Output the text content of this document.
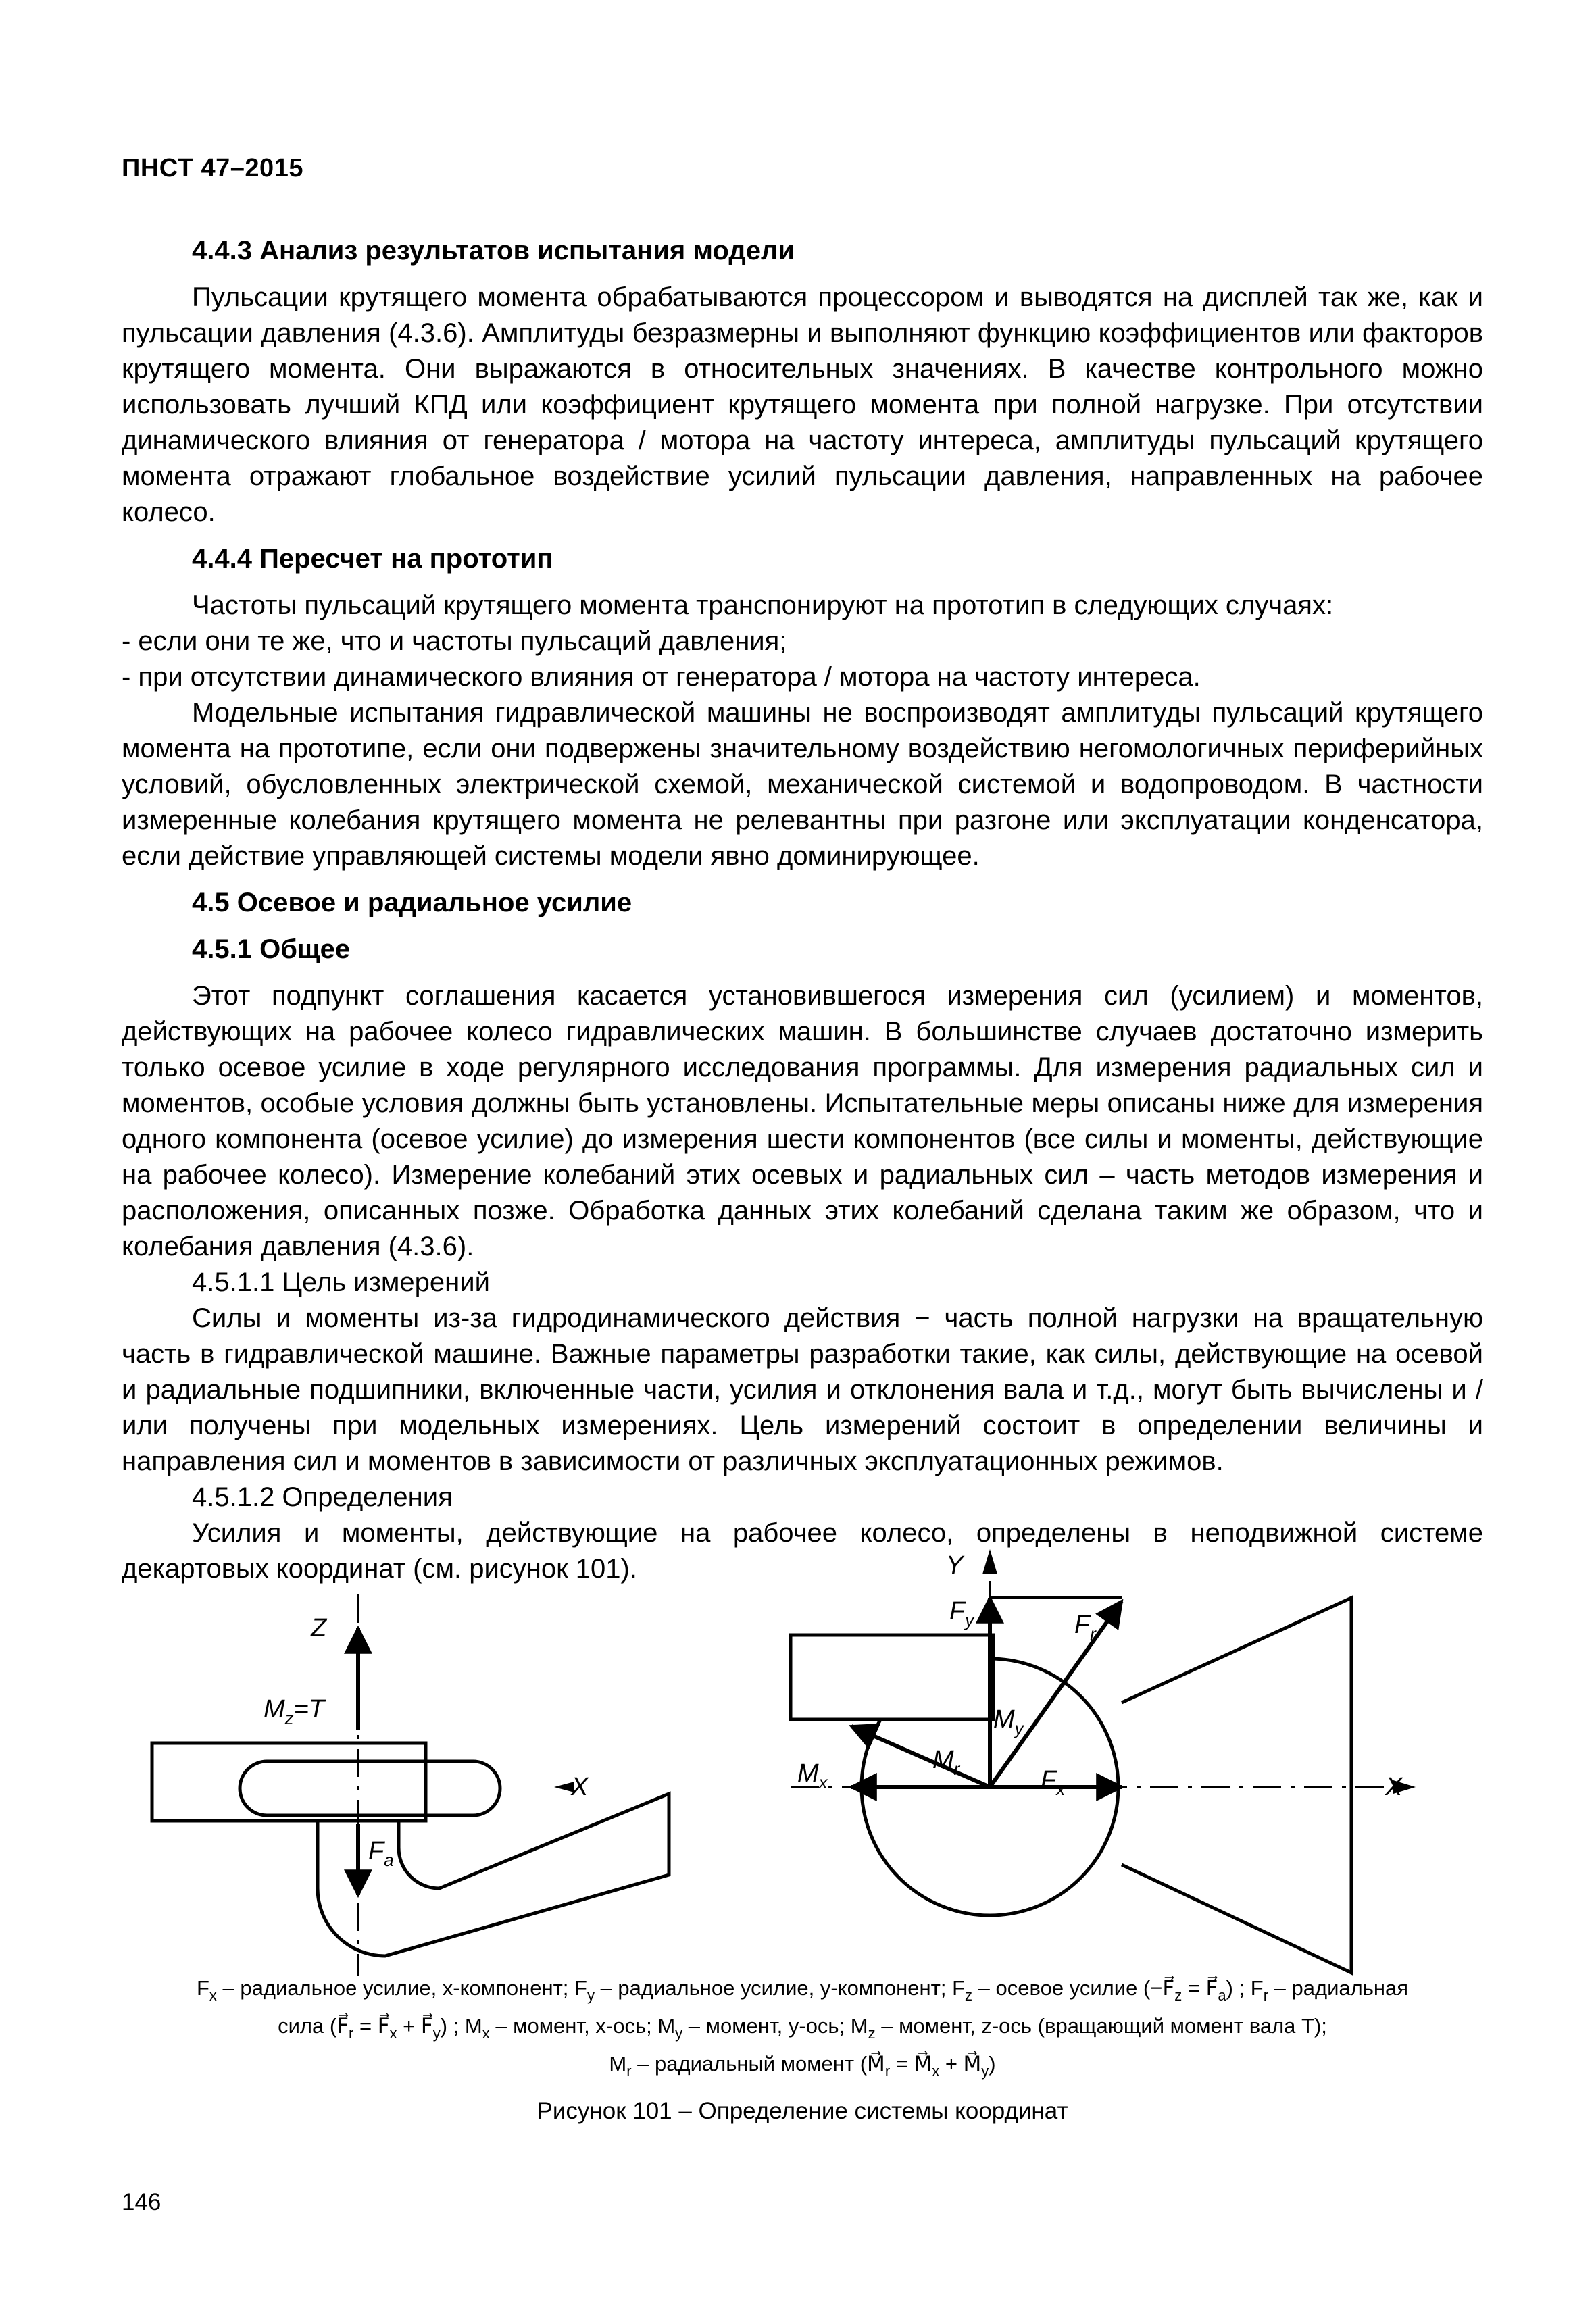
ПНСТ 47–2015
4.4.3 Анализ результатов испытания модели

Пульсации крутящего момента обрабатываются процессором и выводятся на дисплей так же, как и пульсации давления (4.3.6). Амплитуды безразмерны и выполняют функцию коэффициентов или факторов крутящего момента. Они выражаются в относительных значениях. В качестве контрольного можно использовать лучший КПД или коэффициент крутящего момента при полной нагрузке. При отсутствии динамического влияния от генератора / мотора на частоту интереса, амплитуды пульсаций крутящего момента отражают глобальное воздействие усилий пульсации давления, направленных на рабочее колесо.

4.4.4 Пересчет на прототип

Частоты пульсаций крутящего момента транспонируют на прототип в следующих случаях:

- если они те же, что и частоты пульсаций давления;

- при отсутствии динамического влияния от генератора / мотора на частоту интереса.

Модельные испытания гидравлической машины не воспроизводят амплитуды пульсаций крутящего момента на прототипе, если они подвержены значительному воздействию негомологичных периферийных условий, обусловленных электрической схемой, механической системой и водопроводом. В частности измеренные колебания крутящего момента не релевантны при разгоне или эксплуатации конденсатора, если действие управляющей системы модели явно доминирующее.

4.5 Осевое и радиальное усилие
4.5.1 Общее

Этот подпункт соглашения касается установившегося измерения сил (усилием) и моментов, действующих на рабочее колесо гидравлических машин. В большинстве случаев достаточно измерить только осевое усилие в ходе регулярного исследования программы. Для измерения радиальных сил и моментов, особые условия должны быть установлены. Испытательные меры описаны ниже для измерения одного компонента (осевое усилие) до измерения шести компонентов (все силы и моменты, действующие на рабочее колесо). Измерение колебаний этих осевых и радиальных сил – часть методов измерения и расположения, описанных позже. Обработка данных этих колебаний сделана таким же образом, что и колебания давления (4.3.6).

4.5.1.1 Цель измерений

Силы и моменты из-за гидродинамического действия − часть полной нагрузки на вращательную часть в гидравлической машине. Важные параметры разработки такие, как силы, действующие на осевой и радиальные подшипники, включенные части, усилия и отклонения вала и т.д., могут быть вычислены и / или получены при модельных измерениях. Цель измерений состоит в определении величины и направления сил и моментов в зависимости от различных эксплуатационных режимов.

4.5.1.2 Определения

Усилия и моменты, действующие на рабочее колесо, определены в неподвижной системе декартовых координат (см. рисунок 101).

Z
$M_z=T$
X
$F_a$
Y
$F_y$	$F_r$
$M_y$
$M_x$
$M_r$	$F_x$	X
$F_x$ – радиальное усилие, x-компонент; $F_y$ – радиальное усилие, y-компонент; $F_z$ – осевое усилие ($-F⃗_z$ = $F⃗_a$) ; $F_r$ – радиальная
сила ($F⃗_r$ = $F⃗_x$ + $F⃗_y$) ; $M_x$ – момент, x-ось; $M_y$ – момент, y-ось; $M_z$ – момент, z-ось (вращающий момент вала T);
$M_r$ – радиальный момент ($M⃗_r$ = $M⃗_x$ + $M⃗_y$)
Рисунок 101 – Определение системы координат
146
